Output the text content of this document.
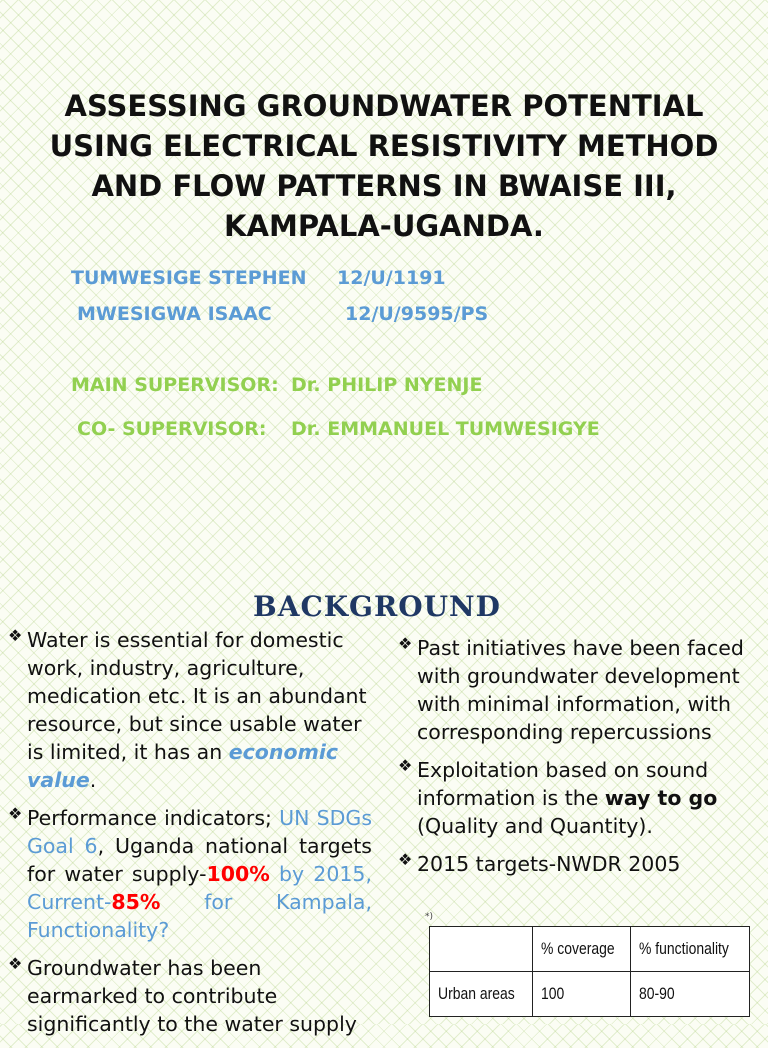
ASSESSING GROUNDWATER POTENTIAL
USING ELECTRICAL RESISTIVITY METHOD
AND FLOW PATTERNS IN BWAISE III,
KAMPALA-UGANDA.
TUMWESIGE STEPHEN 12/U/1191
MWESIGWA ISAAC	12/U/9595/PS
MAIN SUPERVISOR: Dr. PHILIP NYENJE
CO- SUPERVISOR: Dr. EMMANUEL TUMWESIGYE
BACKGROUND

❖ Water is essential for domestic work, industry, agriculture, medication etc. It is an abundant resource, but since usable water is limited, it has an economic value.

❖ Performance indicators; UN SDGs Goal 6, Uganda national targets for water supply-100% by 2015, Current-85% for Kampala, Functionality?

❖ Groundwater has been earmarked to contribute significantly to the water supply

❖ Past initiatives have been faced with groundwater development with minimal information, with corresponding repercussions

❖ Exploitation based on sound information is the way to go (Quality and Quantity).

❖ 2015 targets-NWDR 2005

*)
	% coverage	% functionality
Urban areas	100	80-90
